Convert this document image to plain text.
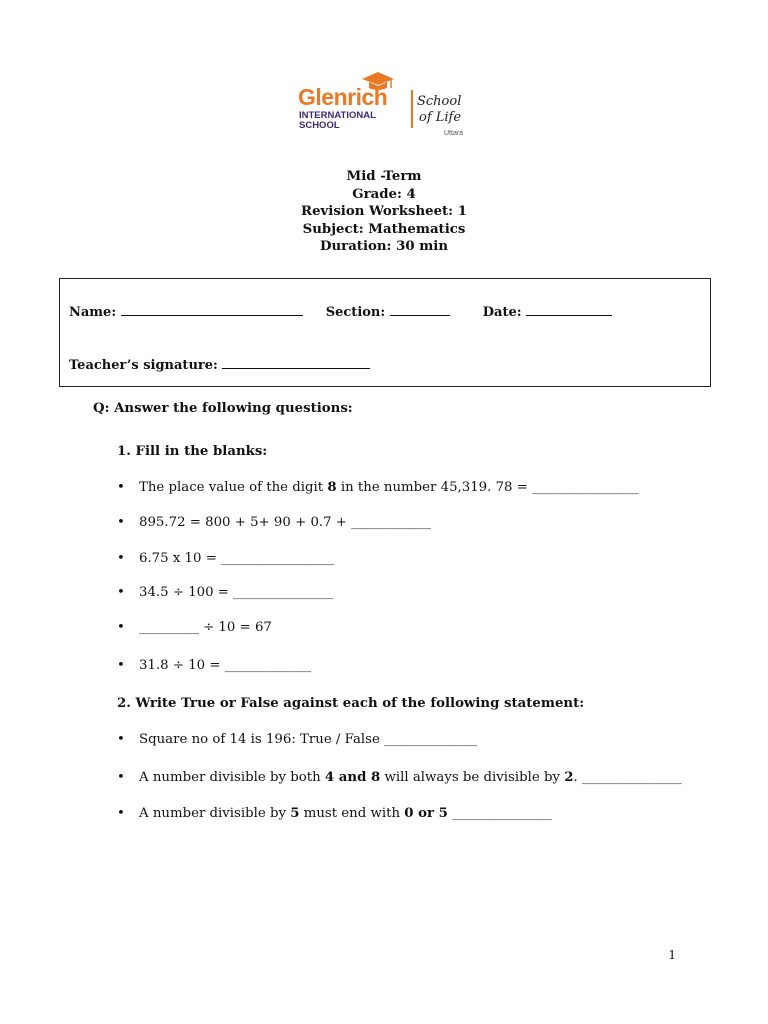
Glenrich
INTERNATIONAL
SCHOOL
School
of Life
Uttara
Mid -Term
Grade: 4
Revision Worksheet: 1
Subject: Mathematics
Duration: 30 min
Name:	Section:	Date:
Teacher’s signature:
Q: Answer the following questions:
1. Fill in the blanks:
• The place value of the digit 8 in the number 45,319. 78 = ________________
• 895.72 = 800 + 5+ 90 + 0.7 + ____________
• 6.75 x 10 = _________________
• 34.5 ÷ 100 = _______________
• _________ ÷ 10 = 67
• 31.8 ÷ 10 = _____________
2. Write True or False against each of the following statement:
• Square no of 14 is 196: True / False ______________
• A number divisible by both 4 and 8 will always be divisible by 2. _______________
• A number divisible by 5 must end with 0 or 5 _______________
1
